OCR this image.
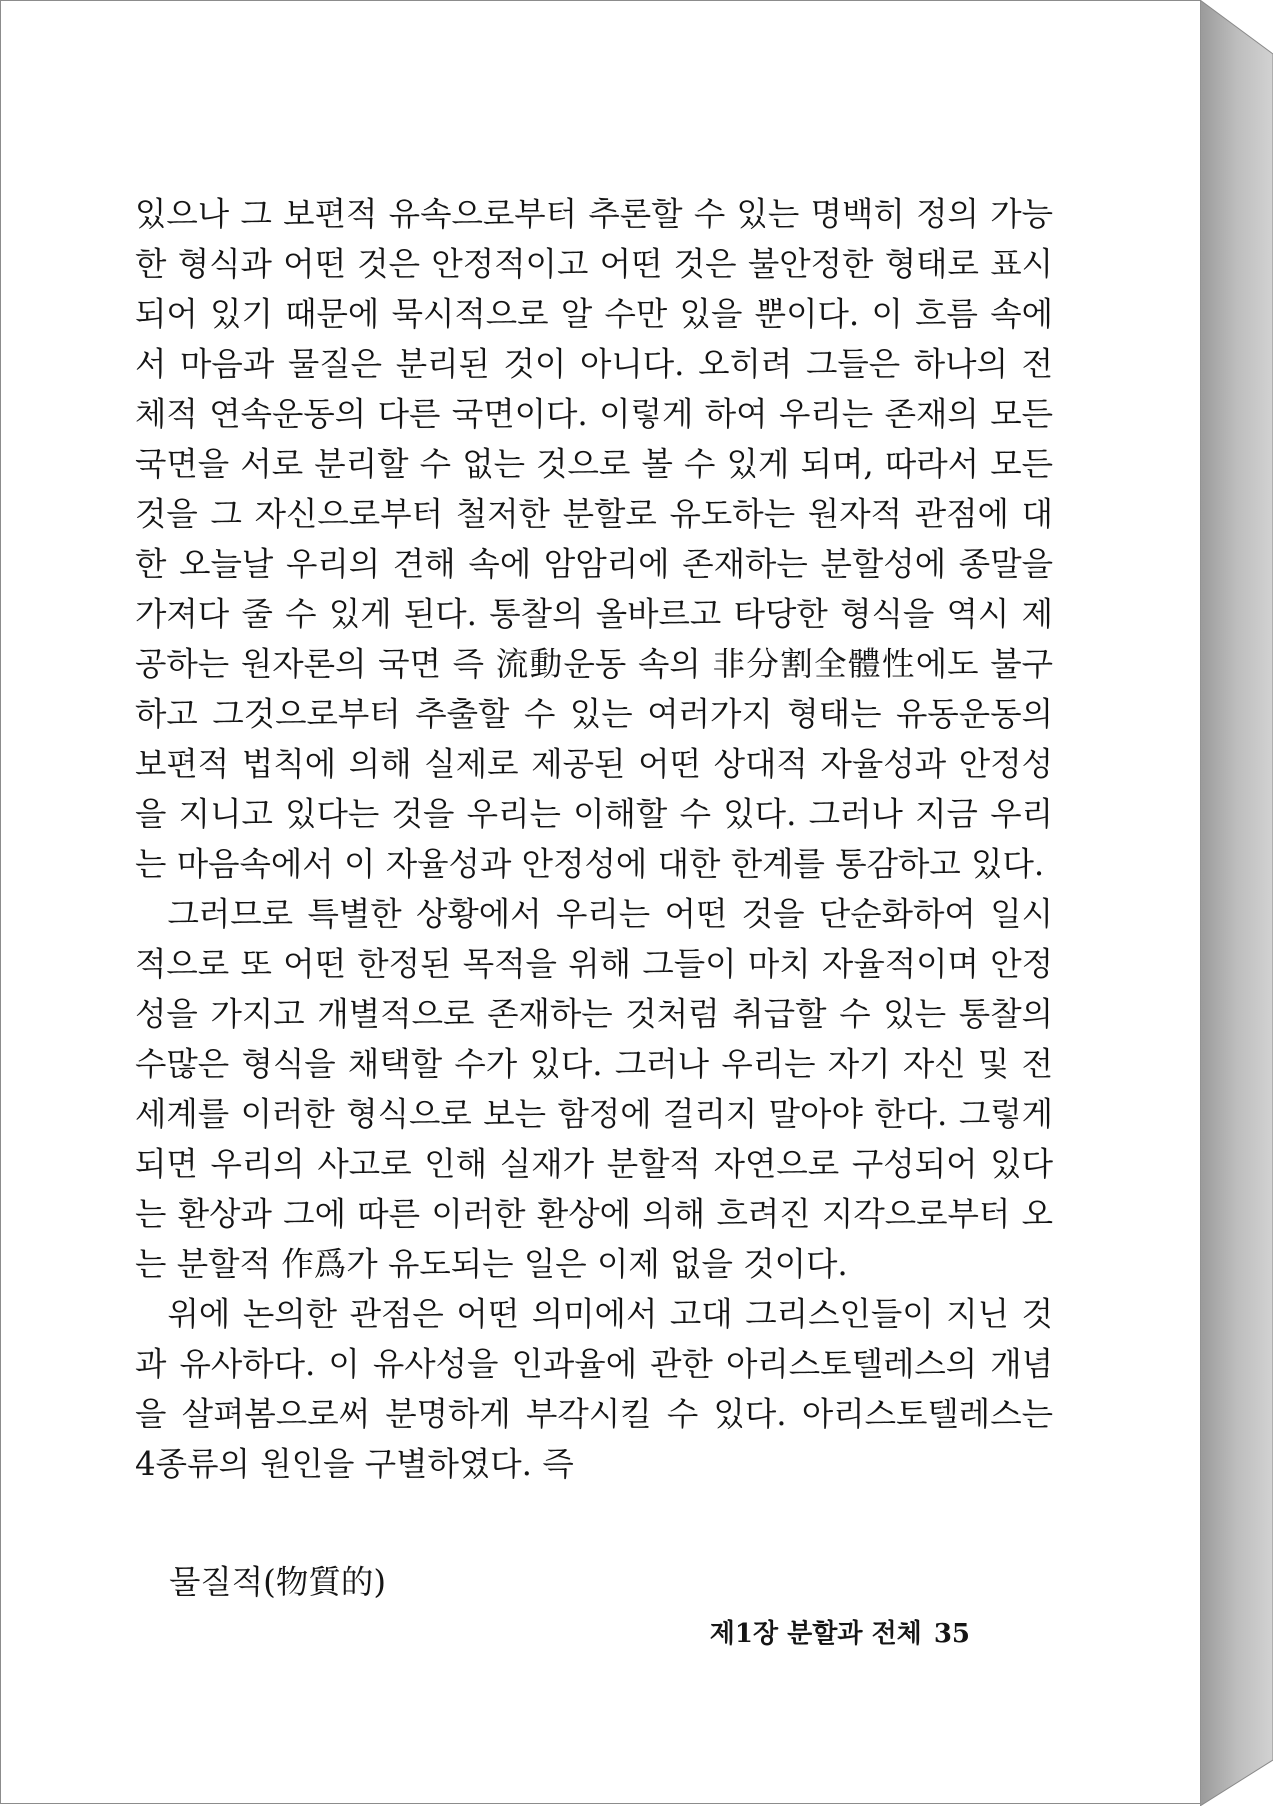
있으나 그 보편적 유속으로부터 추론할 수 있는 명백히 정의 가능한 형식과 어떤 것은 안정적이고 어떤 것은 불안정한 형태로 표시되어 있기 때문에 묵시적으로 알 수만 있을 뿐이다. 이 흐름 속에서 마음과 물질은 분리된 것이 아니다. 오히려 그들은 하나의 전체적 연속운동의 다른 국면이다. 이렇게 하여 우리는 존재의 모든 국면을 서로 분리할 수 없는 것으로 볼 수 있게 되며, 따라서 모든 것을 그 자신으로부터 철저한 분할로 유도하는 원자적 관점에 대한 오늘날 우리의 견해 속에 암암리에 존재하는 분할성에 종말을 가져다 줄 수 있게 된다. 통찰의 올바르고 타당한 형식을 역시 제공하는 원자론의 국면 즉 流動운동 속의 非分割全體性에도 불구하고 그것으로부터 추출할 수 있는 여러가지 형태는 유동운동의 보편적 법칙에 의해 실제로 제공된 어떤 상대적 자율성과 안정성을 지니고 있다는 것을 우리는 이해할 수 있다. 그러나 지금 우리는 마음속에서 이 자율성과 안정성에 대한 한계를 통감하고 있다.

그러므로 특별한 상황에서 우리는 어떤 것을 단순화하여 일시적으로 또 어떤 한정된 목적을 위해 그들이 마치 자율적이며 안정성을 가지고 개별적으로 존재하는 것처럼 취급할 수 있는 통찰의 수많은 형식을 채택할 수가 있다. 그러나 우리는 자기 자신 및 전세계를 이러한 형식으로 보는 함정에 걸리지 말아야 한다. 그렇게 되면 우리의 사고로 인해 실재가 분할적 자연으로 구성되어 있다는 환상과 그에 따른 이러한 환상에 의해 흐려진 지각으로부터 오는 분할적 作爲가 유도되는 일은 이제 없을 것이다.

위에 논의한 관점은 어떤 의미에서 고대 그리스인들이 지닌 것과 유사하다. 이 유사성을 인과율에 관한 아리스토텔레스의 개념을 살펴봄으로써 분명하게 부각시킬 수 있다. 아리스토텔레스는 4종류의 원인을 구별하였다. 즉

물질적(物質的)

제1장 분할과 전체 35
